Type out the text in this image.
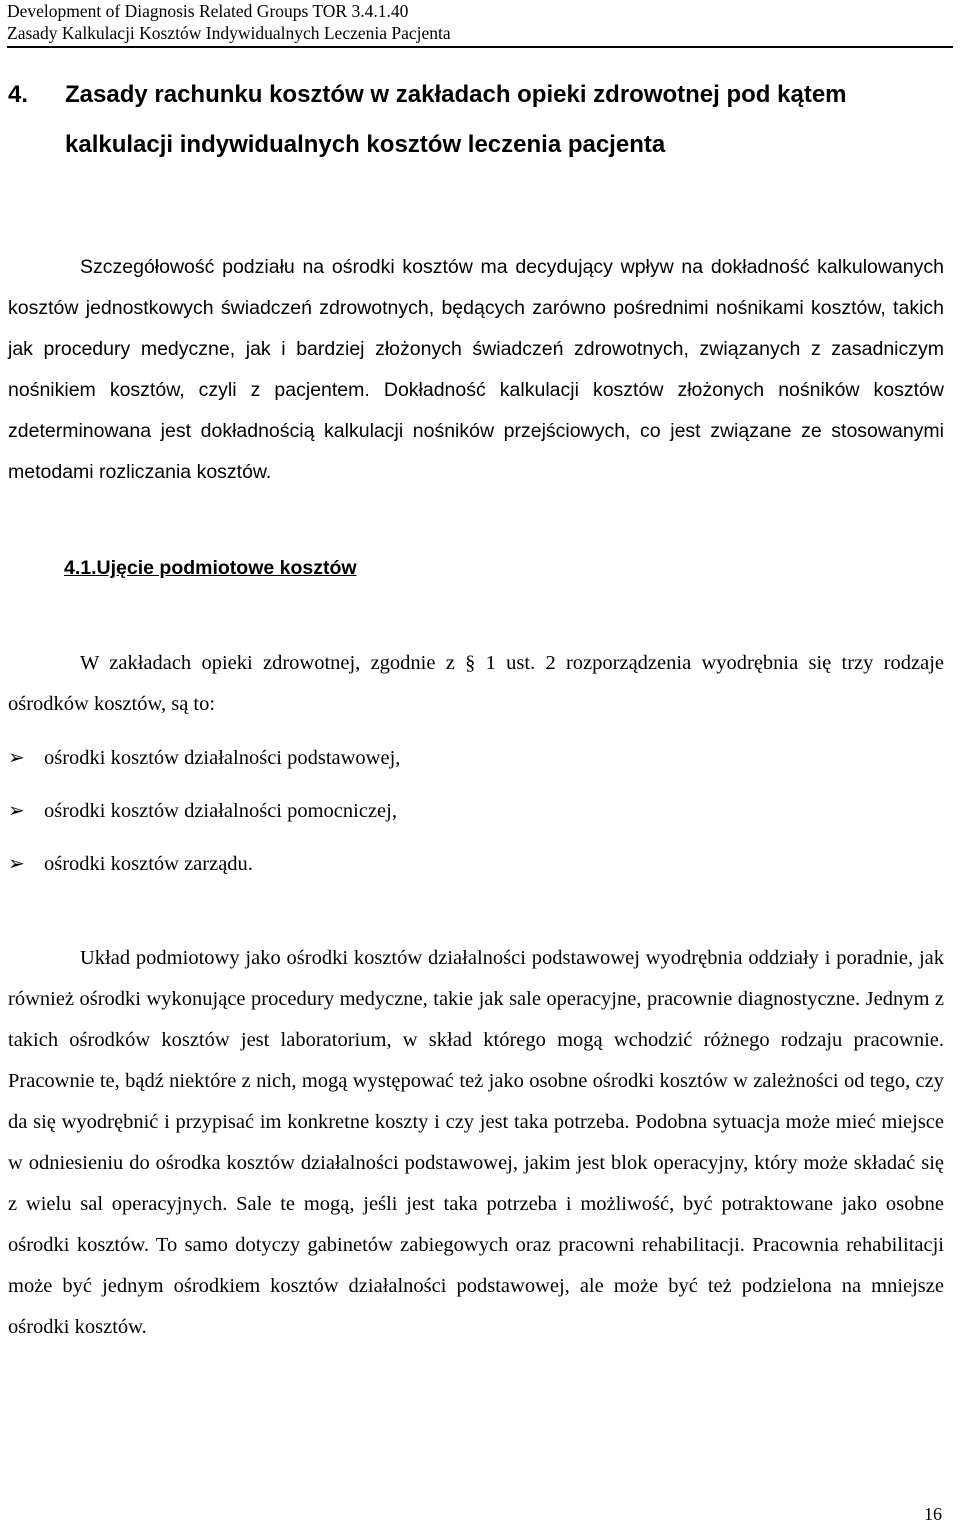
Development of Diagnosis Related Groups TOR 3.4.1.40
Zasady Kalkulacji Kosztów Indywidualnych Leczenia Pacjenta
4. Zasady rachunku kosztów w zakładach opieki zdrowotnej pod kątem kalkulacji indywidualnych kosztów leczenia pacjenta

Szczegółowość podziału na ośrodki kosztów ma decydujący wpływ na dokładność kalkulowanych kosztów jednostkowych świadczeń zdrowotnych, będących zarówno pośrednimi nośnikami kosztów, takich jak procedury medyczne, jak i bardziej złożonych świadczeń zdrowotnych, związanych z zasadniczym nośnikiem kosztów, czyli z pacjentem. Dokładność kalkulacji kosztów złożonych nośników kosztów zdeterminowana jest dokładnością kalkulacji nośników przejściowych, co jest związane ze stosowanymi metodami rozliczania kosztów.

4.1.Ujęcie podmiotowe kosztów

W zakładach opieki zdrowotnej, zgodnie z § 1 ust. 2 rozporządzenia wyodrębnia się trzy rodzaje ośrodków kosztów, są to:

➢ ośrodki kosztów działalności podstawowej,
➢ ośrodki kosztów działalności pomocniczej,
➢ ośrodki kosztów zarządu.

Układ podmiotowy jako ośrodki kosztów działalności podstawowej wyodrębnia oddziały i poradnie, jak również ośrodki wykonujące procedury medyczne, takie jak sale operacyjne, pracownie diagnostyczne. Jednym z takich ośrodków kosztów jest laboratorium, w skład którego mogą wchodzić różnego rodzaju pracownie. Pracownie te, bądź niektóre z nich, mogą występować też jako osobne ośrodki kosztów w zależności od tego, czy da się wyodrębnić i przypisać im konkretne koszty i czy jest taka potrzeba. Podobna sytuacja może mieć miejsce w odniesieniu do ośrodka kosztów działalności podstawowej, jakim jest blok operacyjny, który może składać się z wielu sal operacyjnych. Sale te mogą, jeśli jest taka potrzeba i możliwość, być potraktowane jako osobne ośrodki kosztów. To samo dotyczy gabinetów zabiegowych oraz pracowni rehabilitacji. Pracownia rehabilitacji może być jednym ośrodkiem kosztów działalności podstawowej, ale może być też podzielona na mniejsze ośrodki kosztów.

16
